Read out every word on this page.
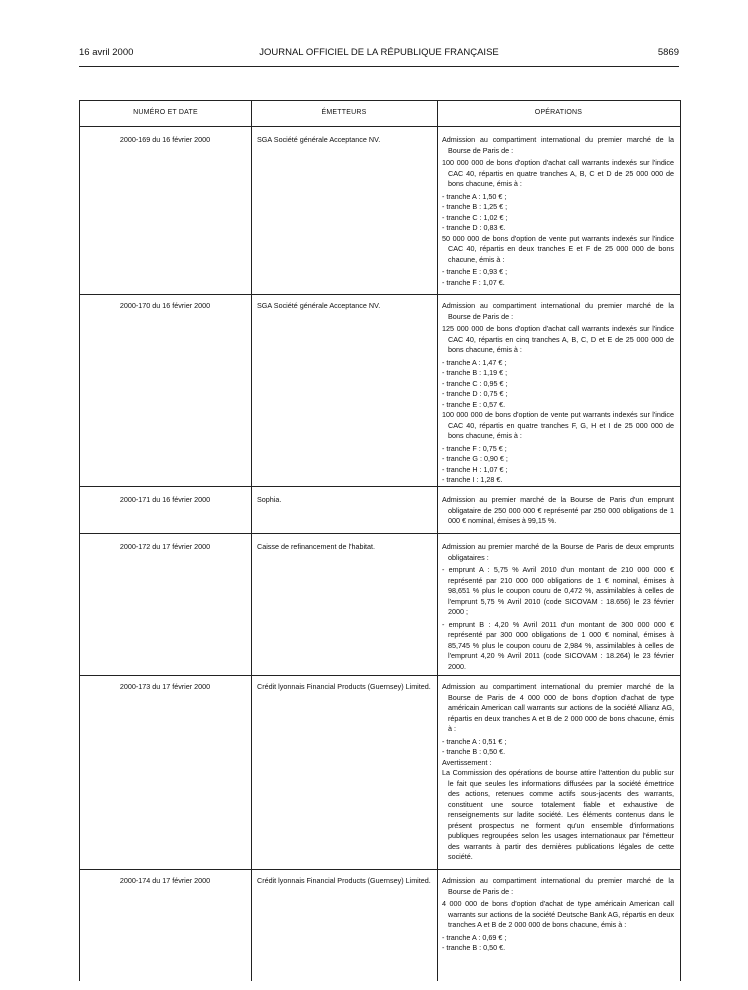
16 avril 2000	JOURNAL OFFICIEL DE LA RÉPUBLIQUE FRANÇAISE	5869
NUMÉRO ET DATE	ÉMETTEURS	OPÉRATIONS
2000-169 du 16 février 2000	SGA Société générale Acceptance NV.	Admission au compartiment international du premier marché de la Bourse de Paris de :

100 000 000 de bons d'option d'achat call warrants indexés sur l'indice CAC 40, répartis en quatre tranches A, B, C et D de 25 000 000 de bons chacune, émis à :

- tranche A : 1,50 € ;

- tranche B : 1,25 € ;

- tranche C : 1,02 € ;

- tranche D : 0,83 €.

50 000 000 de bons d'option de vente put warrants indexés sur l'indice CAC 40, répartis en deux tranches E et F de 25 000 000 de bons chacune, émis à :

- tranche E : 0,93 € ;

- tranche F : 1,07 €.

2000-170 du 16 février 2000	SGA Société générale Acceptance NV.	Admission au compartiment international du premier marché de la Bourse de Paris de :

125 000 000 de bons d'option d'achat call warrants indexés sur l'indice CAC 40, répartis en cinq tranches A, B, C, D et E de 25 000 000 de bons chacune, émis à :

- tranche A : 1,47 € ;

- tranche B : 1,19 € ;

- tranche C : 0,95 € ;

- tranche D : 0,75 € ;

- tranche E : 0,57 €.

100 000 000 de bons d'option de vente put warrants indexés sur l'indice CAC 40, répartis en quatre tranches F, G, H et I de 25 000 000 de bons chacune, émis à :

- tranche F : 0,75 € ;

- tranche G : 0,90 € ;

- tranche H : 1,07 € ;

- tranche I : 1,28 €.

2000-171 du 16 février 2000	Sophia.	Admission au premier marché de la Bourse de Paris d'un emprunt obligataire de 250 000 000 € représenté par 250 000 obligations de 1 000 € nominal, émises à 99,15 %.

2000-172 du 17 février 2000	Caisse de refinancement de l'habitat.	Admission au premier marché de la Bourse de Paris de deux emprunts obligataires :

- emprunt A : 5,75 % Avril 2010 d'un montant de 210 000 000 € représenté par 210 000 000 obligations de 1 € nominal, émises à 98,651 % plus le coupon couru de 0,472 %, assimilables à celles de l'emprunt 5,75 % Avril 2010 (code SICOVAM : 18.656) le 23 février 2000 ;

- emprunt B : 4,20 % Avril 2011 d'un montant de 300 000 000 € représenté par 300 000 obligations de 1 000 € nominal, émises à 85,745 % plus le coupon couru de 2,984 %, assimilables à celles de l'emprunt 4,20 % Avril 2011 (code SICOVAM : 18.264) le 23 février 2000.

2000-173 du 17 février 2000	Crédit lyonnais Financial Products (Guernsey) Limited.	Admission au compartiment international du premier marché de la Bourse de Paris de 4 000 000 de bons d'option d'achat de type américain American call warrants sur actions de la société Allianz AG, répartis en deux tranches A et B de 2 000 000 de bons chacune, émis à :

- tranche A : 0,51 € ;

- tranche B : 0,50 €.

Avertissement :

La Commission des opérations de bourse attire l'attention du public sur le fait que seules les informations diffusées par la société émettrice des actions, retenues comme actifs sous-jacents des warrants, constituent une source totalement fiable et exhaustive de renseignements sur ladite société. Les éléments contenus dans le présent prospectus ne forment qu'un ensemble d'informations publiques regroupées selon les usages internationaux par l'émetteur des warrants à partir des dernières publications légales de cette société.

2000-174 du 17 février 2000	Crédit lyonnais Financial Products (Guernsey) Limited.	Admission au compartiment international du premier marché de la Bourse de Paris de :

4 000 000 de bons d'option d'achat de type américain American call warrants sur actions de la société Deutsche Bank AG, répartis en deux tranches A et B de 2 000 000 de bons chacune, émis à :

- tranche A : 0,69 € ;

- tranche B : 0,50 €.
